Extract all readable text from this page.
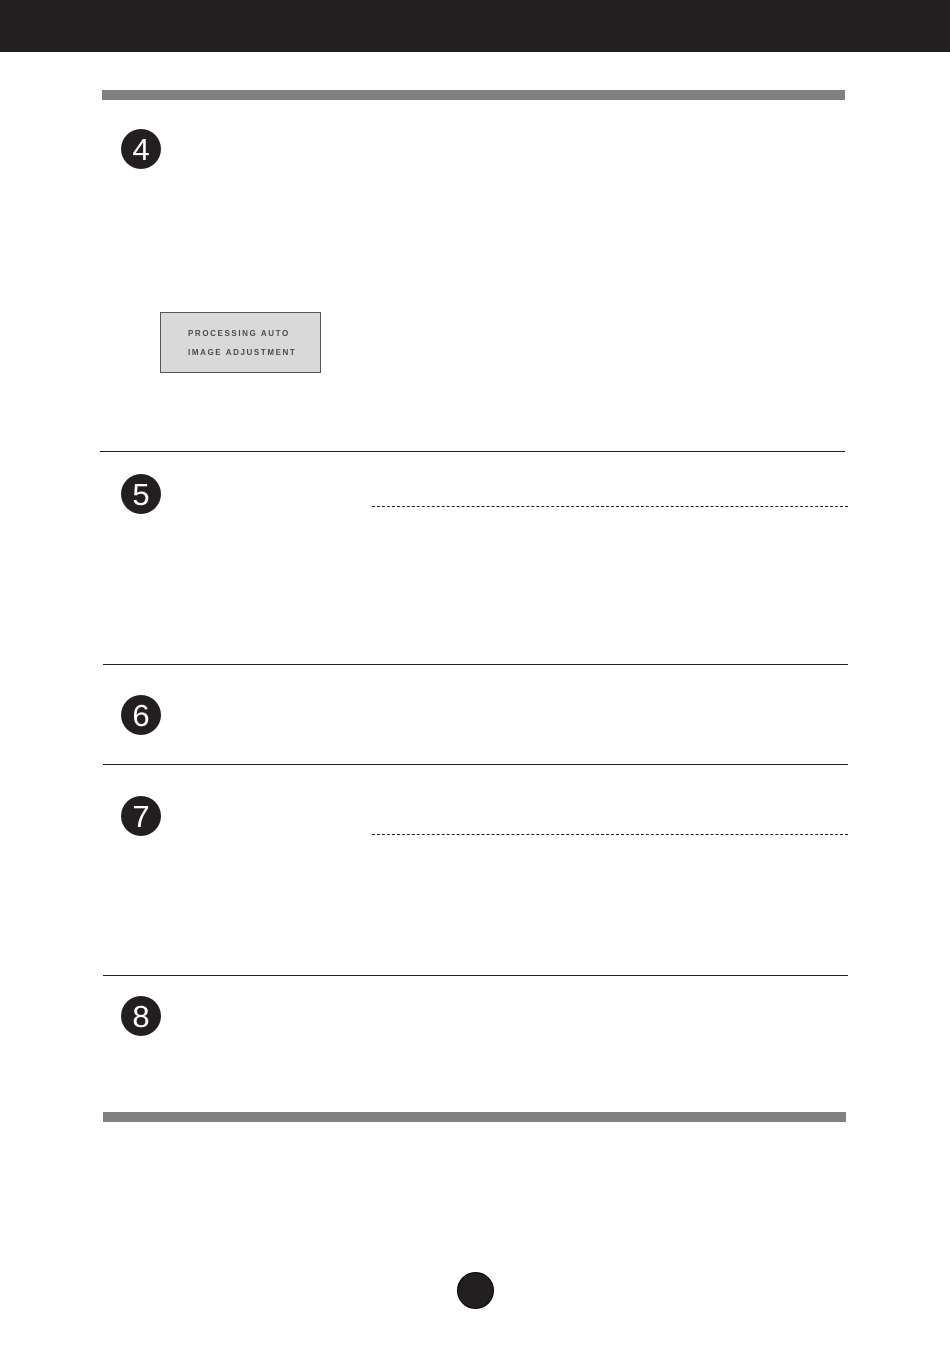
4
PROCESSING AUTO
IMAGE ADJUSTMENT
5
6
7
8
